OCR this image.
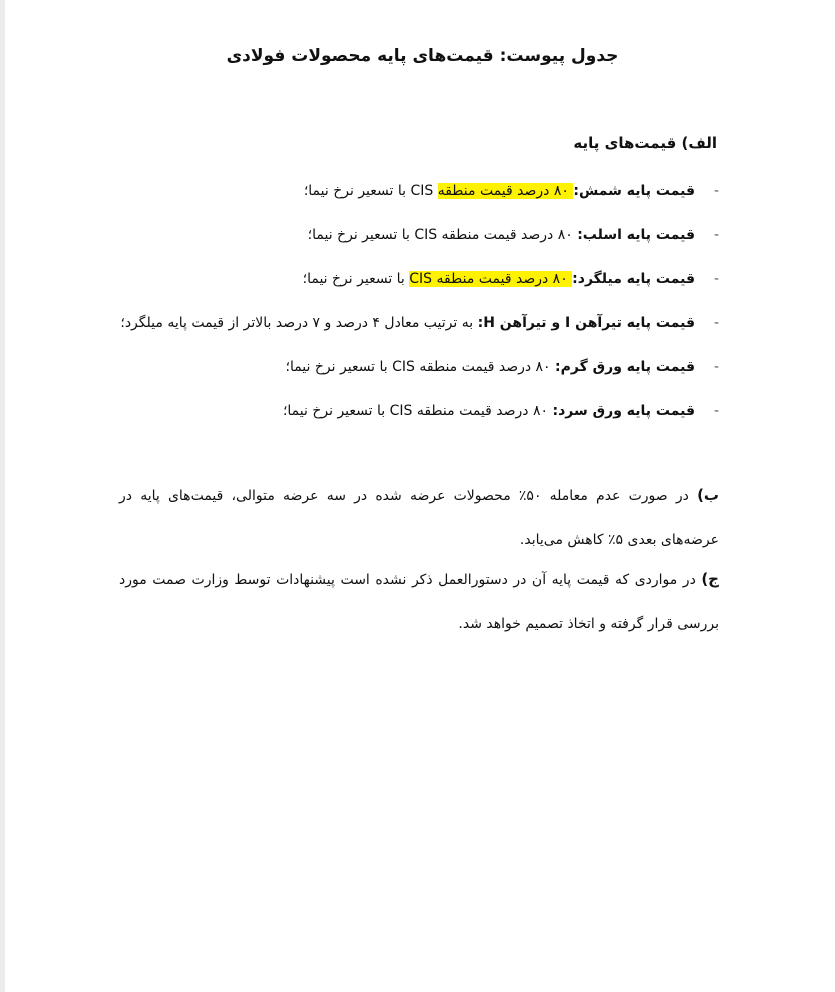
جدول پیوست: قیمت‌های پایه محصولات فولادی
الف) قیمت‌های پایه
-
قیمت پایه شمش: ۸۰ درصد قیمت منطقه CIS با تسعیر نرخ نیما؛
-
قیمت پایه اسلب: ۸۰ درصد قیمت منطقه CIS با تسعیر نرخ نیما؛
-
قیمت پایه میلگرد: ۸۰ درصد قیمت منطقه CIS با تسعیر نرخ نیما؛
-
قیمت پایه تیرآهن I و تیرآهن H: به ترتیب معادل ۴ درصد و ۷ درصد بالاتر از قیمت پایه میلگرد؛
-
قیمت پایه ورق گرم: ۸۰ درصد قیمت منطقه CIS با تسعیر نرخ نیما؛
-
قیمت پایه ورق سرد: ۸۰ درصد قیمت منطقه CIS با تسعیر نرخ نیما؛
ب) در صورت عدم معامله ۵۰٪ محصولات عرضه شده در سه عرضه متوالی، قیمت‌های پایه در عرضه‌های بعدی ۵٪ کاهش می‌یابد.
ج) در مواردی که قیمت پایه آن در دستورالعمل ذکر نشده است پیشنهادات توسط وزارت صمت مورد بررسی قرار گرفته و اتخاذ تصمیم خواهد شد.
